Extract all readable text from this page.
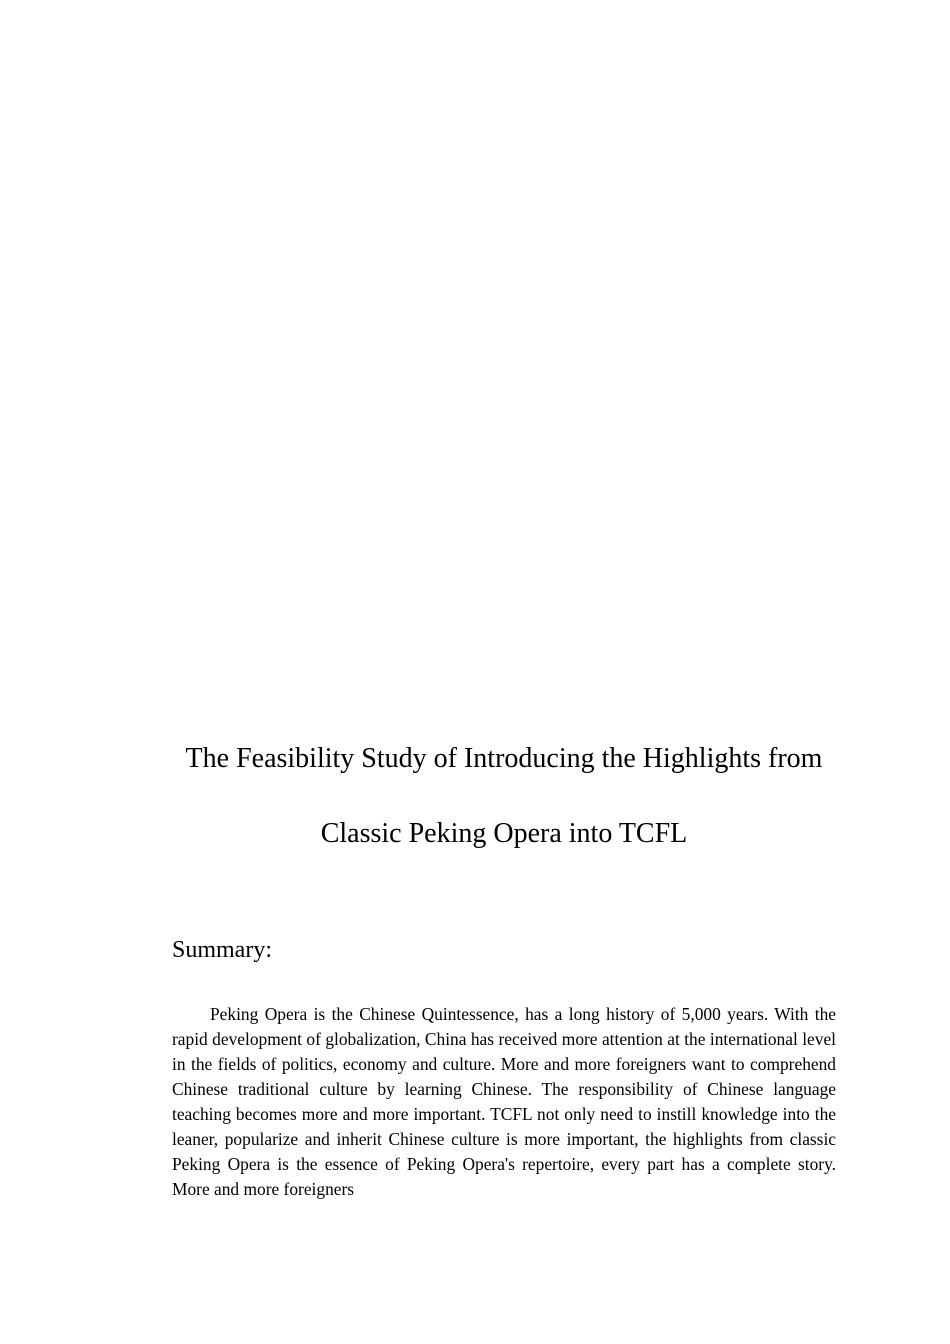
The Feasibility Study of Introducing the Highlights from
Classic Peking Opera into TCFL
Summary:

Peking Opera is the Chinese Quintessence, has a long history of 5,000 years. With the rapid development of globalization, China has received more attention at the international level in the fields of politics, economy and culture. More and more foreigners want to comprehend Chinese traditional culture by learning Chinese. The responsibility of Chinese language teaching becomes more and more important. TCFL not only need to instill knowledge into the leaner, popularize and inherit Chinese culture is more important, the highlights from classic Peking Opera is the essence of Peking Opera's repertoire, every part has a complete story. More and more foreigners
